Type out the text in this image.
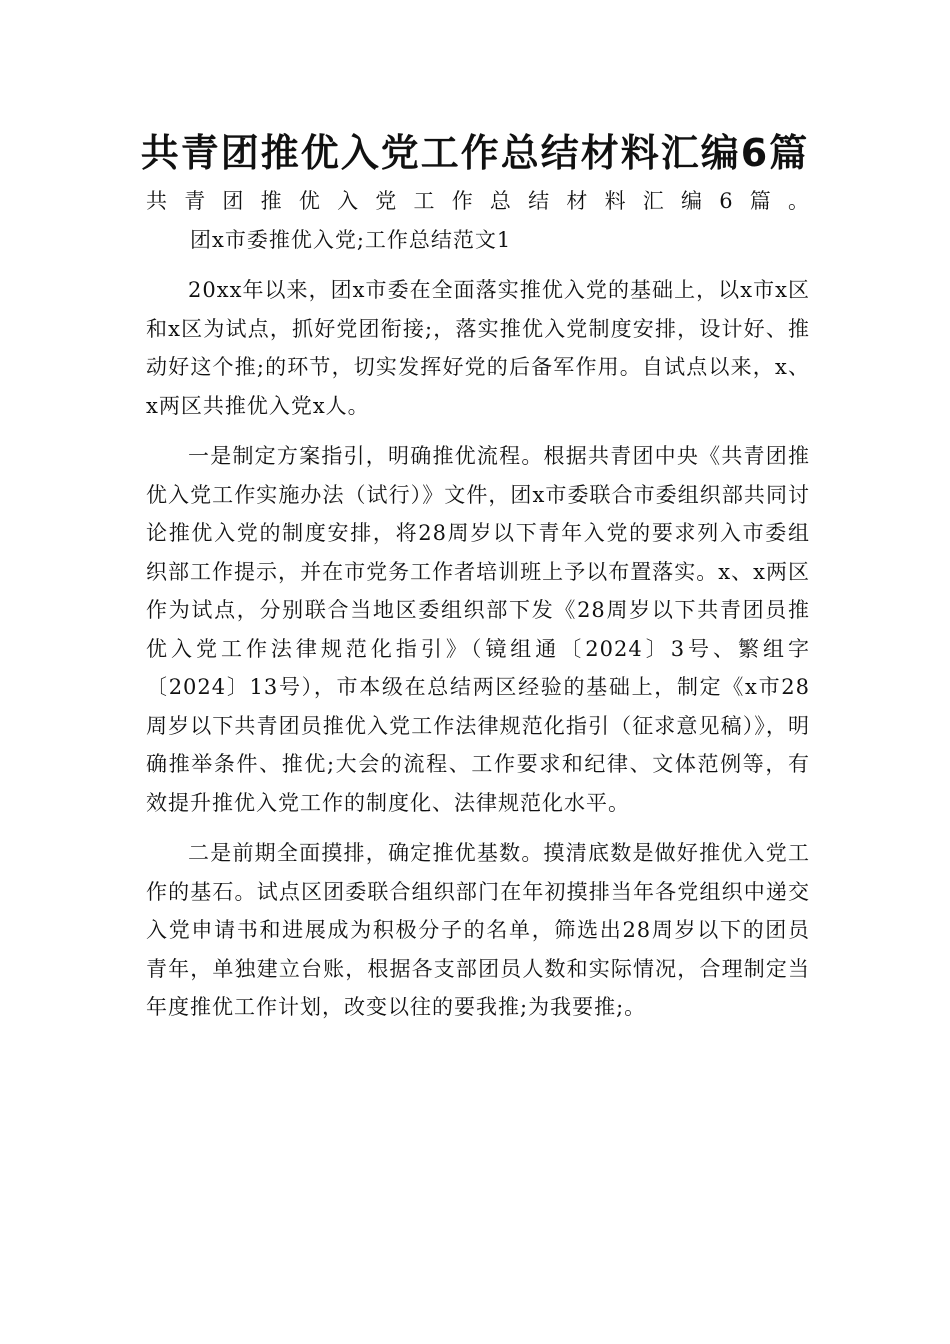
共青团推优入党工作总结材料汇编6篇

共青团推优入党工作总结材料汇编6篇。团x市委推优入党;工作总结范文1

20xx年以来，团x市委在全面落实推优入党的基础上，以x市x区和x区为试点，抓好党团衔接;，落实推优入党制度安排，设计好、推动好这个推;的环节，切实发挥好党的后备军作用。自试点以来，x、x两区共推优入党x人。

一是制定方案指引，明确推优流程。根据共青团中央《共青团推优入党工作实施办法（试行）》文件，团x市委联合市委组织部共同讨论推优入党的制度安排，将28周岁以下青年入党的要求列入市委组织部工作提示，并在市党务工作者培训班上予以布置落实。x、x两区作为试点，分别联合当地区委组织部下发《28周岁以下共青团员推优入党工作法律规范化指引》（镜组通〔2024〕3号、繁组字〔2024〕13号），市本级在总结两区经验的基础上，制定《x市28周岁以下共青团员推优入党工作法律规范化指引（征求意见稿）》，明确推举条件、推优;大会的流程、工作要求和纪律、文体范例等，有效提升推优入党工作的制度化、法律规范化水平。

二是前期全面摸排，确定推优基数。摸清底数是做好推优入党工作的基石。试点区团委联合组织部门在年初摸排当年各党组织中递交入党申请书和进展成为积极分子的名单，筛选出28周岁以下的团员青年，单独建立台账，根据各支部团员人数和实际情况，合理制定当年度推优工作计划，改变以往的要我推;为我要推;。
